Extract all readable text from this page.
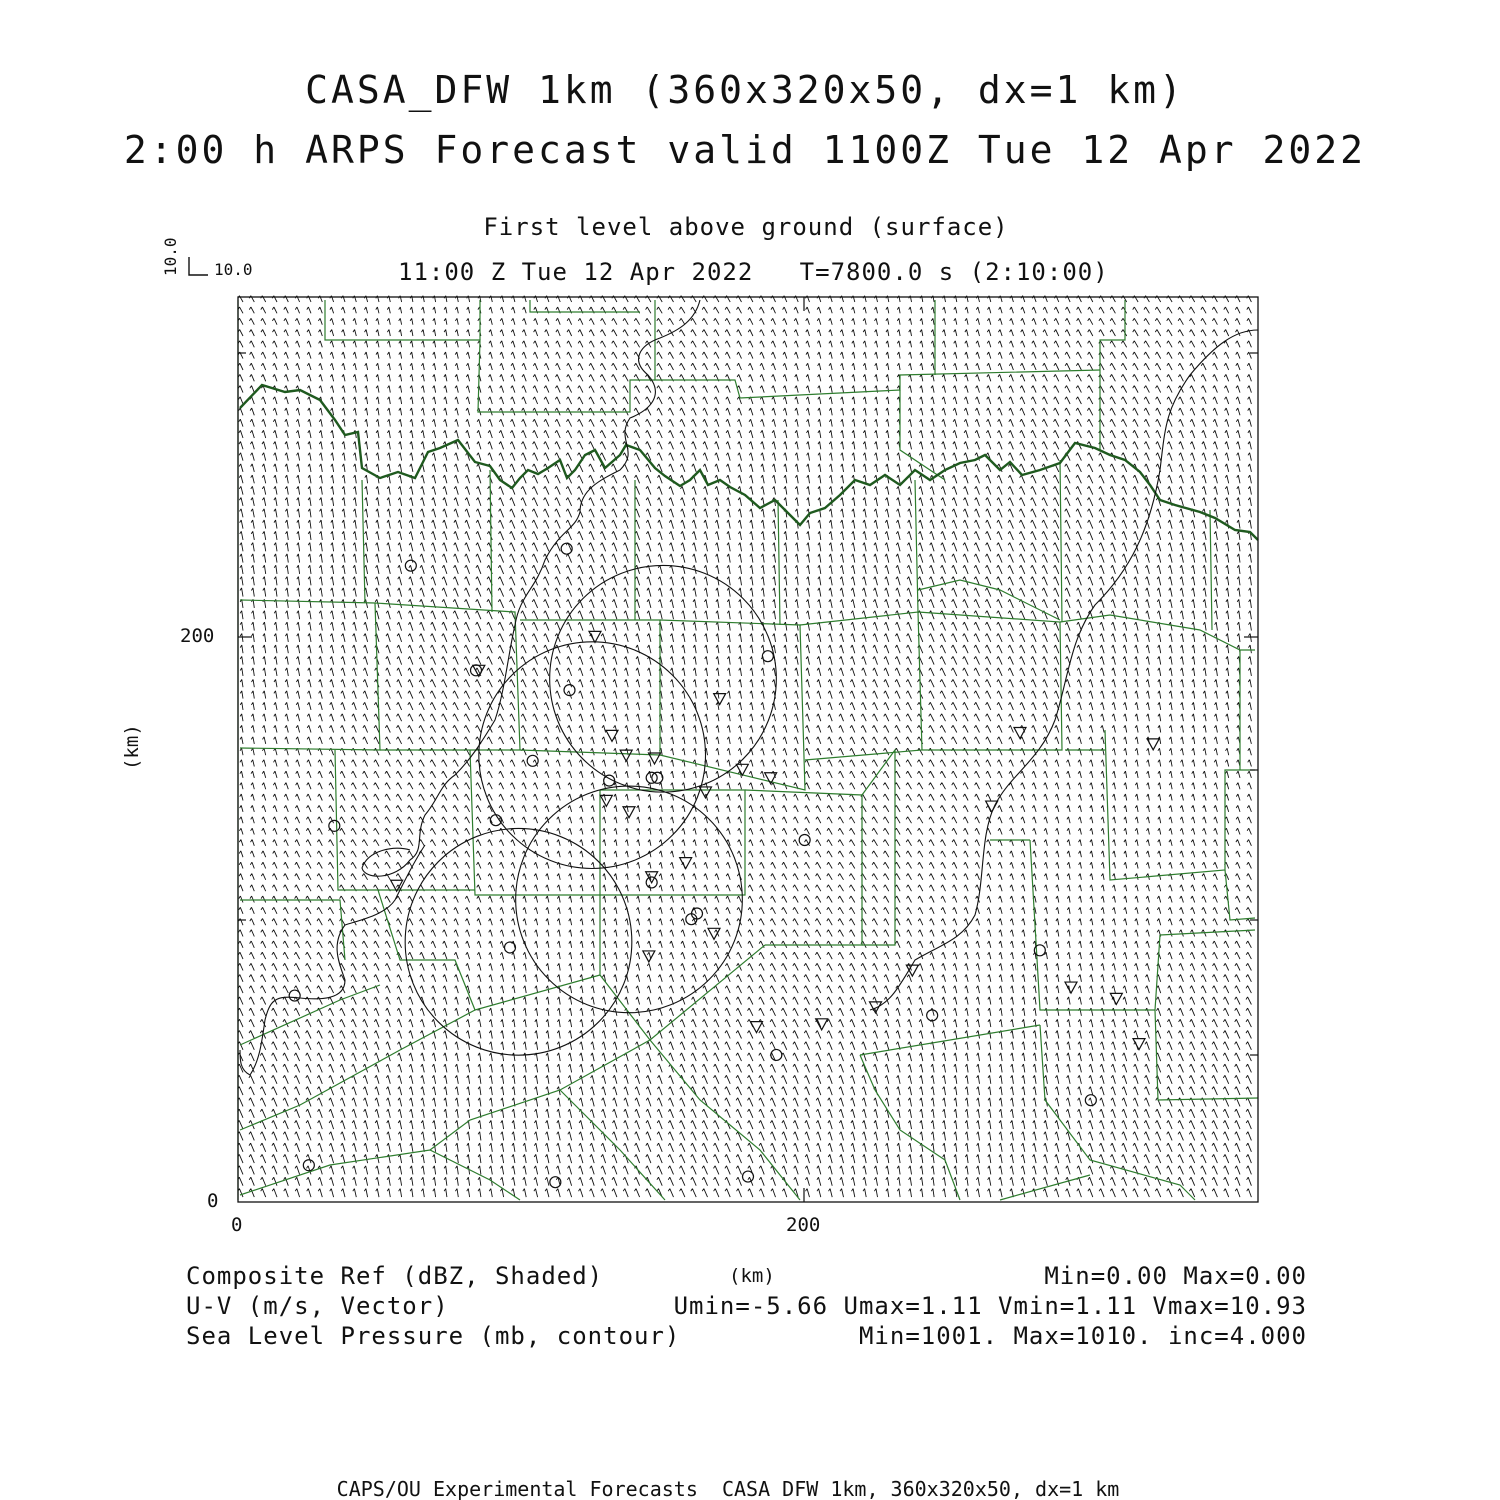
CASA_DFW 1km (360x320x50, dx=1 km)
2:00 h ARPS Forecast valid 1100Z Tue 12 Apr 2022
First level above ground (surface)
11:00 Z Tue 12 Apr 2022   T=7800.0 s (2:10:00)
10.0
10.0
(km)
(km)
0	200
0
200
Composite Ref (dBZ, Shaded)	Min=0.00 Max=0.00
U-V (m/s, Vector)	Umin=-5.66 Umax=1.11 Vmin=1.11 Vmax=10.93
Sea Level Pressure (mb, contour)	Min=1001. Max=1010. inc=4.000
CAPS/OU Experimental Forecasts  CASA DFW 1km, 360x320x50, dx=1 km
